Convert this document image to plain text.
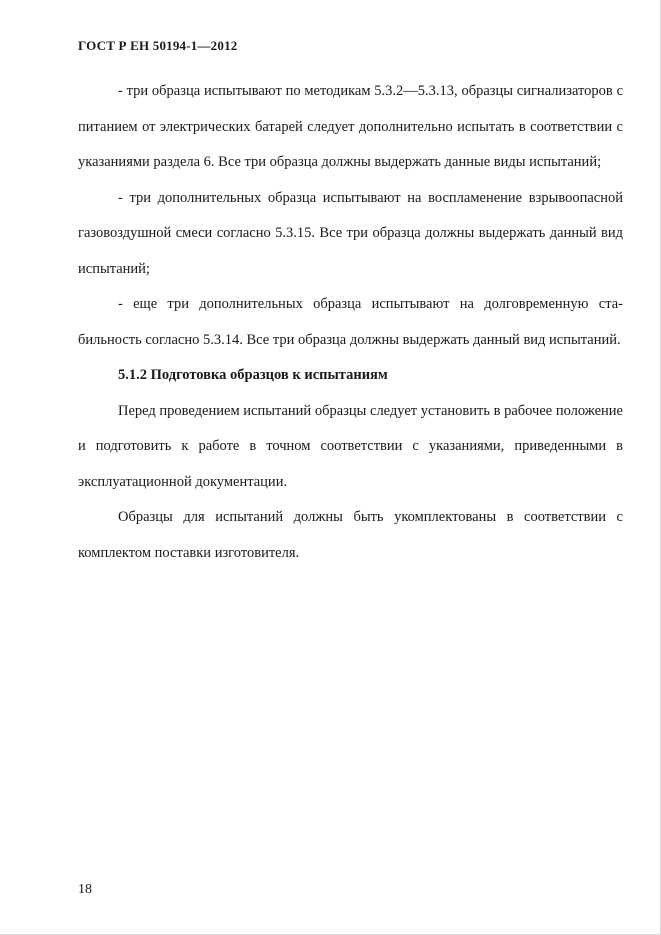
ГОСТ Р ЕН 50194-1—2012

- три образца испытывают по методикам 5.3.2—5.3.13, образцы сигнализаторов с питанием от электрических батарей следует дополнительно испытать в соответствии с указаниями раздела 6. Все три образца должны выдержать данные виды испытаний;

- три дополнительных образца испытывают на воспламенение взрывоопасной газовоздушной смеси согласно 5.3.15. Все три образца должны выдержать данный вид испытаний;

- еще три дополнительных образца испытывают на долговременную стабильность согласно 5.3.14. Все три образца должны выдержать данный вид испытаний.

5.1.2 Подготовка образцов к испытаниям

Перед проведением испытаний образцы следует установить в рабочее положение и подготовить к работе в точном соответствии с указаниями, приведенными в эксплуатационной документации.

Образцы для испытаний должны быть укомплектованы в соответствии с комплектом поставки изготовителя.

18
